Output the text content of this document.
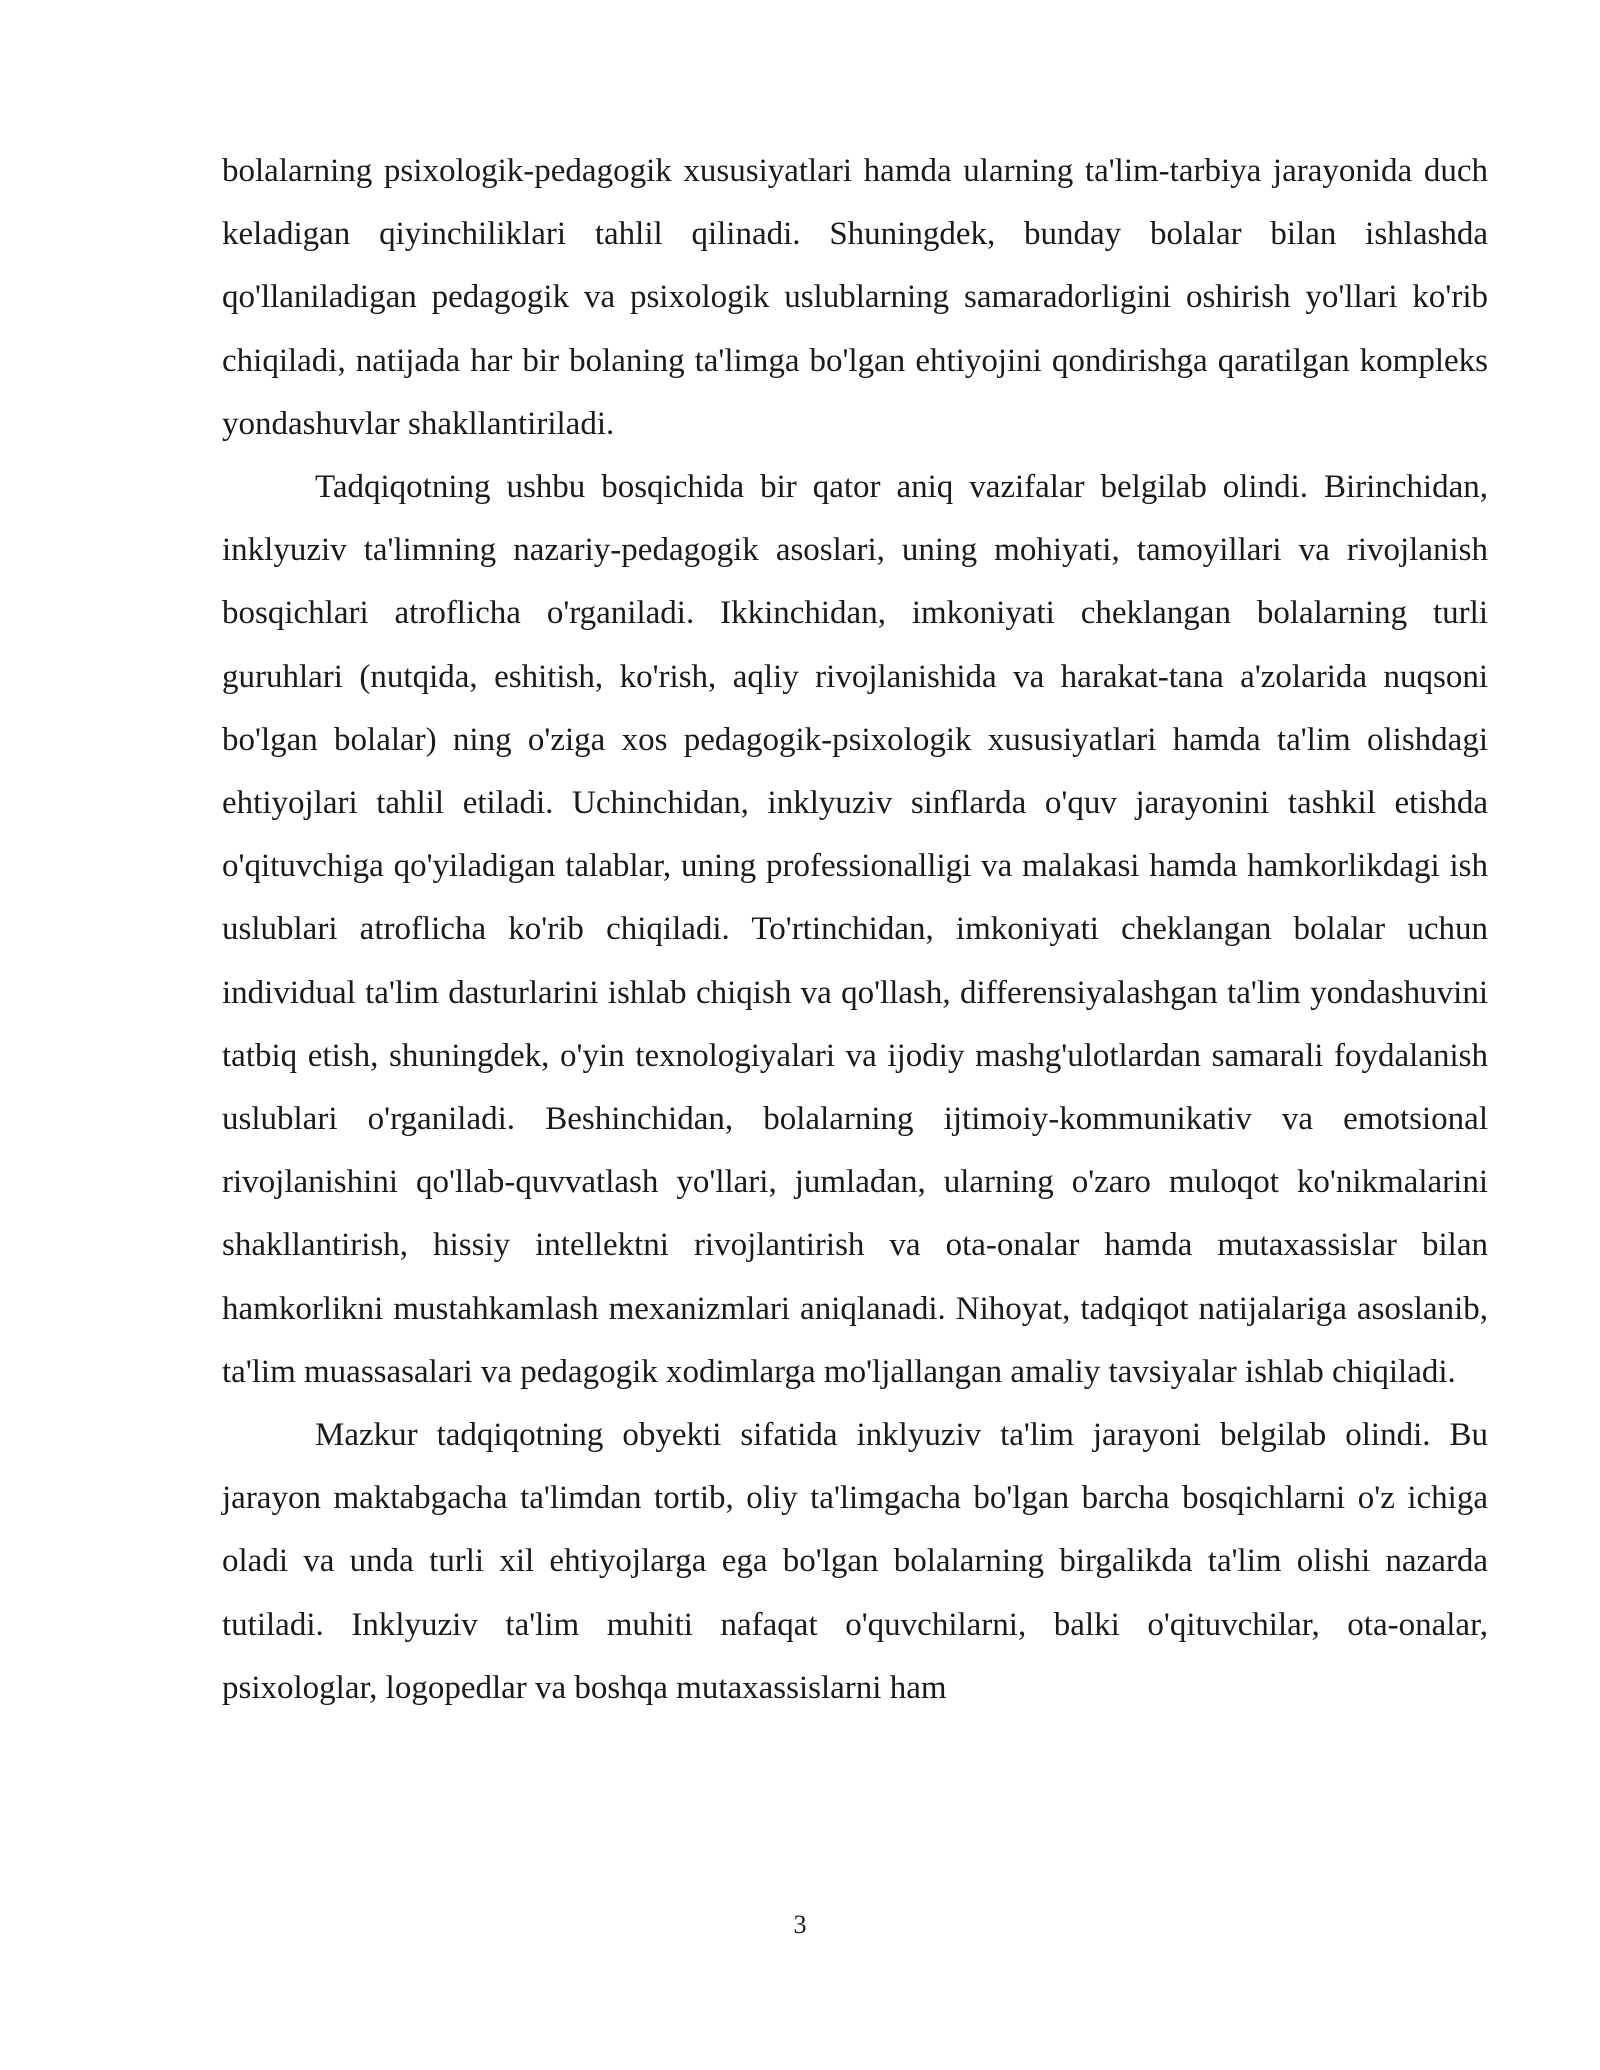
bolalarning psixologik-pedagogik xususiyatlari hamda ularning ta'lim-tarbiya jarayonida duch keladigan qiyinchiliklari tahlil qilinadi. Shuningdek, bunday bolalar bilan ishlashda qo'llaniladigan pedagogik va psixologik uslublarning samaradorligini oshirish yo'llari ko'rib chiqiladi, natijada har bir bolaning ta'limga bo'lgan ehtiyojini qondirishga qaratilgan kompleks yondashuvlar shakllantiriladi.

Tadqiqotning ushbu bosqichida bir qator aniq vazifalar belgilab olindi. Birinchidan, inklyuziv ta'limning nazariy-pedagogik asoslari, uning mohiyati, tamoyillari va rivojlanish bosqichlari atroflicha o'rganiladi. Ikkinchidan, imkoniyati cheklangan bolalarning turli guruhlari (nutqida, eshitish, ko'rish, aqliy rivojlanishida va harakat-tana a'zolarida nuqsoni bo'lgan bolalar) ning o'ziga xos pedagogik-psixologik xususiyatlari hamda ta'lim olishdagi ehtiyojlari tahlil etiladi. Uchinchidan, inklyuziv sinflarda o'quv jarayonini tashkil etishda o'qituvchiga qo'yiladigan talablar, uning professionalligi va malakasi hamda hamkorlikdagi ish uslublari atroflicha ko'rib chiqiladi. To'rtinchidan, imkoniyati cheklangan bolalar uchun individual ta'lim dasturlarini ishlab chiqish va qo'llash, differensiyalashgan ta'lim yondashuvini tatbiq etish, shuningdek, o'yin texnologiyalari va ijodiy mashg'ulotlardan samarali foydalanish uslublari o'rganiladi. Beshinchidan, bolalarning ijtimoiy-kommunikativ va emotsional rivojlanishini qo'llab-quvvatlash yo'llari, jumladan, ularning o'zaro muloqot ko'nikmalarini shakllantirish, hissiy intellektni rivojlantirish va ota-onalar hamda mutaxassislar bilan hamkorlikni mustahkamlash mexanizmlari aniqlanadi. Nihoyat, tadqiqot natijalariga asoslanib, ta'lim muassasalari va pedagogik xodimlarga mo'ljallangan amaliy tavsiyalar ishlab chiqiladi.

Mazkur tadqiqotning obyekti sifatida inklyuziv ta'lim jarayoni belgilab olindi. Bu jarayon maktabgacha ta'limdan tortib, oliy ta'limgacha bo'lgan barcha bosqichlarni o'z ichiga oladi va unda turli xil ehtiyojlarga ega bo'lgan bolalarning birgalikda ta'lim olishi nazarda tutiladi. Inklyuziv ta'lim muhiti nafaqat o'quvchilarni, balki o'qituvchilar, ota-onalar, psixologlar, logopedlar va boshqa mutaxassislarni ham

3
